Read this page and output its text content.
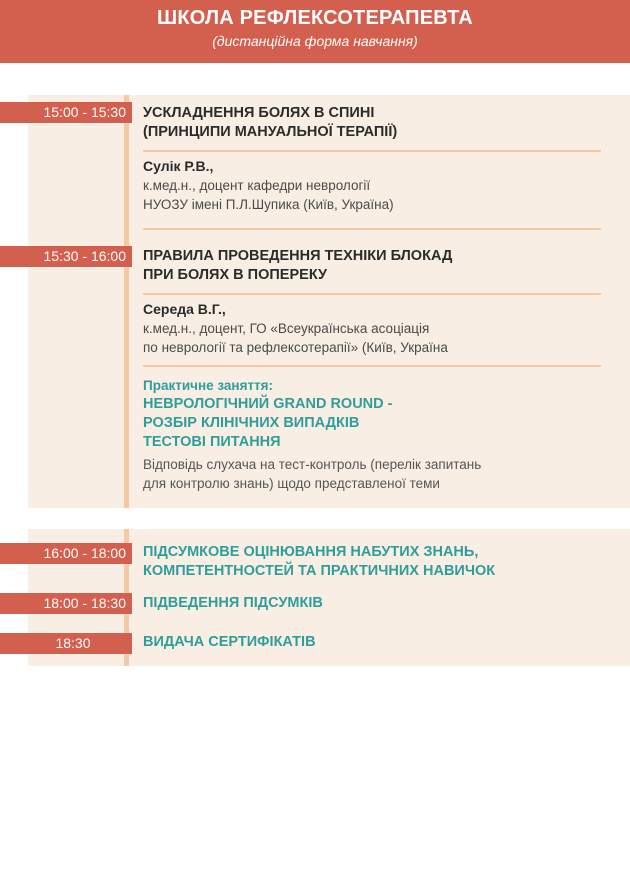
ШКОЛА РЕФЛЕКСОТЕРАПЕВТА
(дистанційна форма навчання)
15:00 - 15:30	УСКЛАДНЕННЯ БОЛЯХ В СПИНІ
(ПРИНЦИПИ МАНУАЛЬНОЇ ТЕРАПІЇ)
Сулік Р.В.,
к.мед.н., доцент кафедри неврології
НУОЗУ імені П.Л.Шупика (Київ, Україна)
15:30 - 16:00	ПРАВИЛА ПРОВЕДЕННЯ ТЕХНІКИ БЛОКАД
ПРИ БОЛЯХ В ПОПЕРЕКУ
Середа В.Г.,
к.мед.н., доцент, ГО «Всеукраїнська асоціація
по неврології та рефлексотерапії» (Київ, Україна
Практичне заняття:
НЕВРОЛОГІЧНИЙ GRAND ROUND -
РОЗБІР КЛІНІЧНИХ ВИПАДКІВ
ТЕСТОВІ ПИТАННЯ
Відповідь слухача на тест-контроль (перелік запитань
для контролю знань) щодо представленої теми
16:00 - 18:00	ПІДСУМКОВЕ ОЦІНЮВАННЯ НАБУТИХ ЗНАНЬ,
КОМПЕТЕНТНОСТЕЙ ТА ПРАКТИЧНИХ НАВИЧОК
18:00 - 18:30	ПІДВЕДЕННЯ ПІДСУМКІВ
18:30	ВИДАЧА СЕРТИФІКАТІВ
